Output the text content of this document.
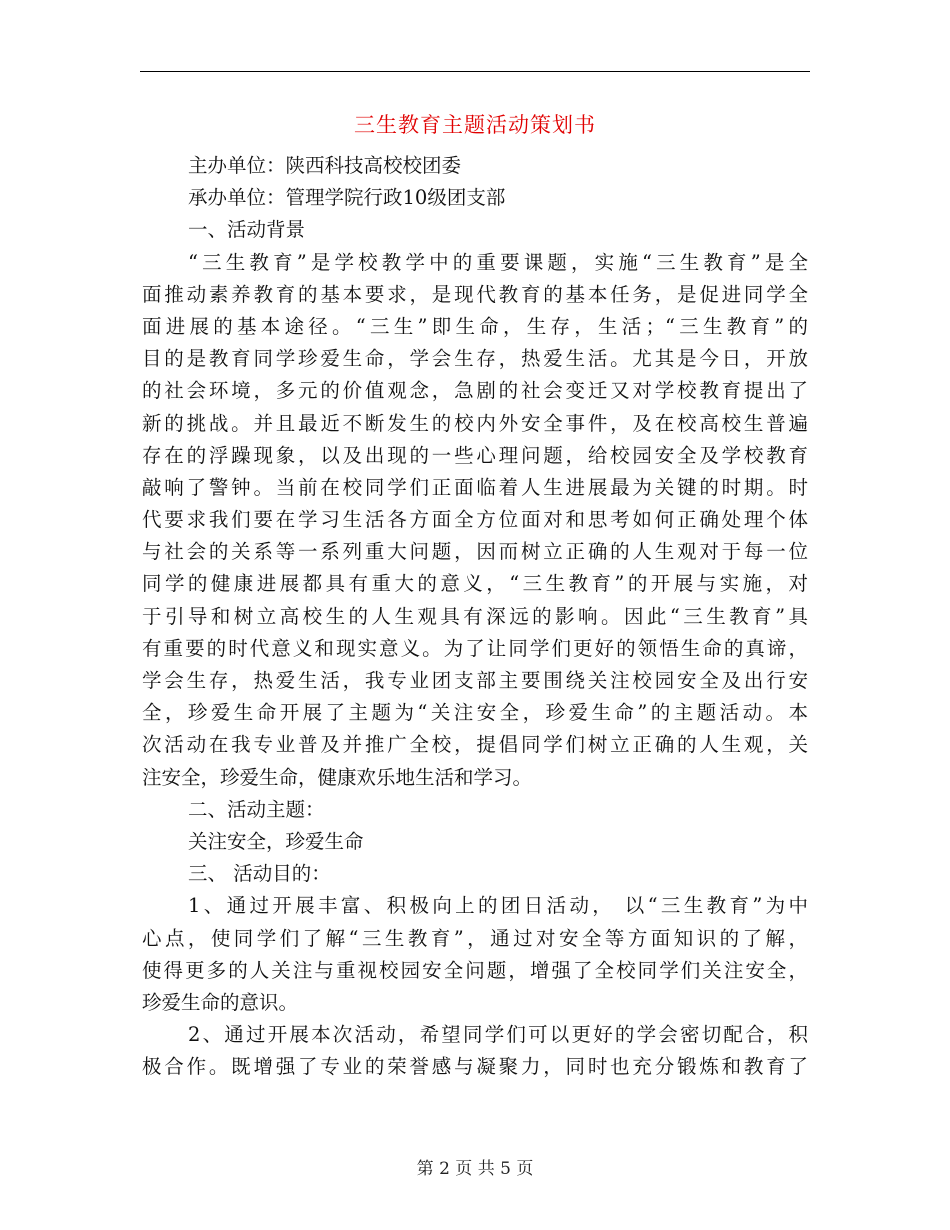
三生教育主题活动策划书
主办单位：陕西科技高校校团委
承办单位：管理学院行政10级团支部
一、活动背景
“三生教育”是学校教学中的重要课题，实施“三生教育”是全
面推动素养教育的基本要求，是现代教育的基本任务，是促进同学全
面进展的基本途径。“三生”即生命，生存，生活；“三生教育”的
目的是教育同学珍爱生命，学会生存，热爱生活。尤其是今日，开放
的社会环境，多元的价值观念，急剧的社会变迁又对学校教育提出了
新的挑战。并且最近不断发生的校内外安全事件，及在校高校生普遍
存在的浮躁现象，以及出现的一些心理问题，给校园安全及学校教育
敲响了警钟。当前在校同学们正面临着人生进展最为关键的时期。时
代要求我们要在学习生活各方面全方位面对和思考如何正确处理个体
与社会的关系等一系列重大问题，因而树立正确的人生观对于每一位
同学的健康进展都具有重大的意义，“三生教育”的开展与实施，对
于引导和树立高校生的人生观具有深远的影响。因此“三生教育”具
有重要的时代意义和现实意义。为了让同学们更好的领悟生命的真谛，
学会生存，热爱生活，我专业团支部主要围绕关注校园安全及出行安
全，珍爱生命开展了主题为“关注安全，珍爱生命”的主题活动。本
次活动在我专业普及并推广全校，提倡同学们树立正确的人生观，关
注安全，珍爱生命，健康欢乐地生活和学习。
二、活动主题：
关注安全，珍爱生命
三、 活动目的：
1、通过开展丰富、积极向上的团日活动， 以“三生教育”为中
心点，使同学们了解“三生教育”，通过对安全等方面知识的了解，
使得更多的人关注与重视校园安全问题，增强了全校同学们关注安全，
珍爱生命的意识。
2、通过开展本次活动，希望同学们可以更好的学会密切配合，积
极合作。既增强了专业的荣誉感与凝聚力，同时也充分锻炼和教育了
第 2 页 共 5 页
